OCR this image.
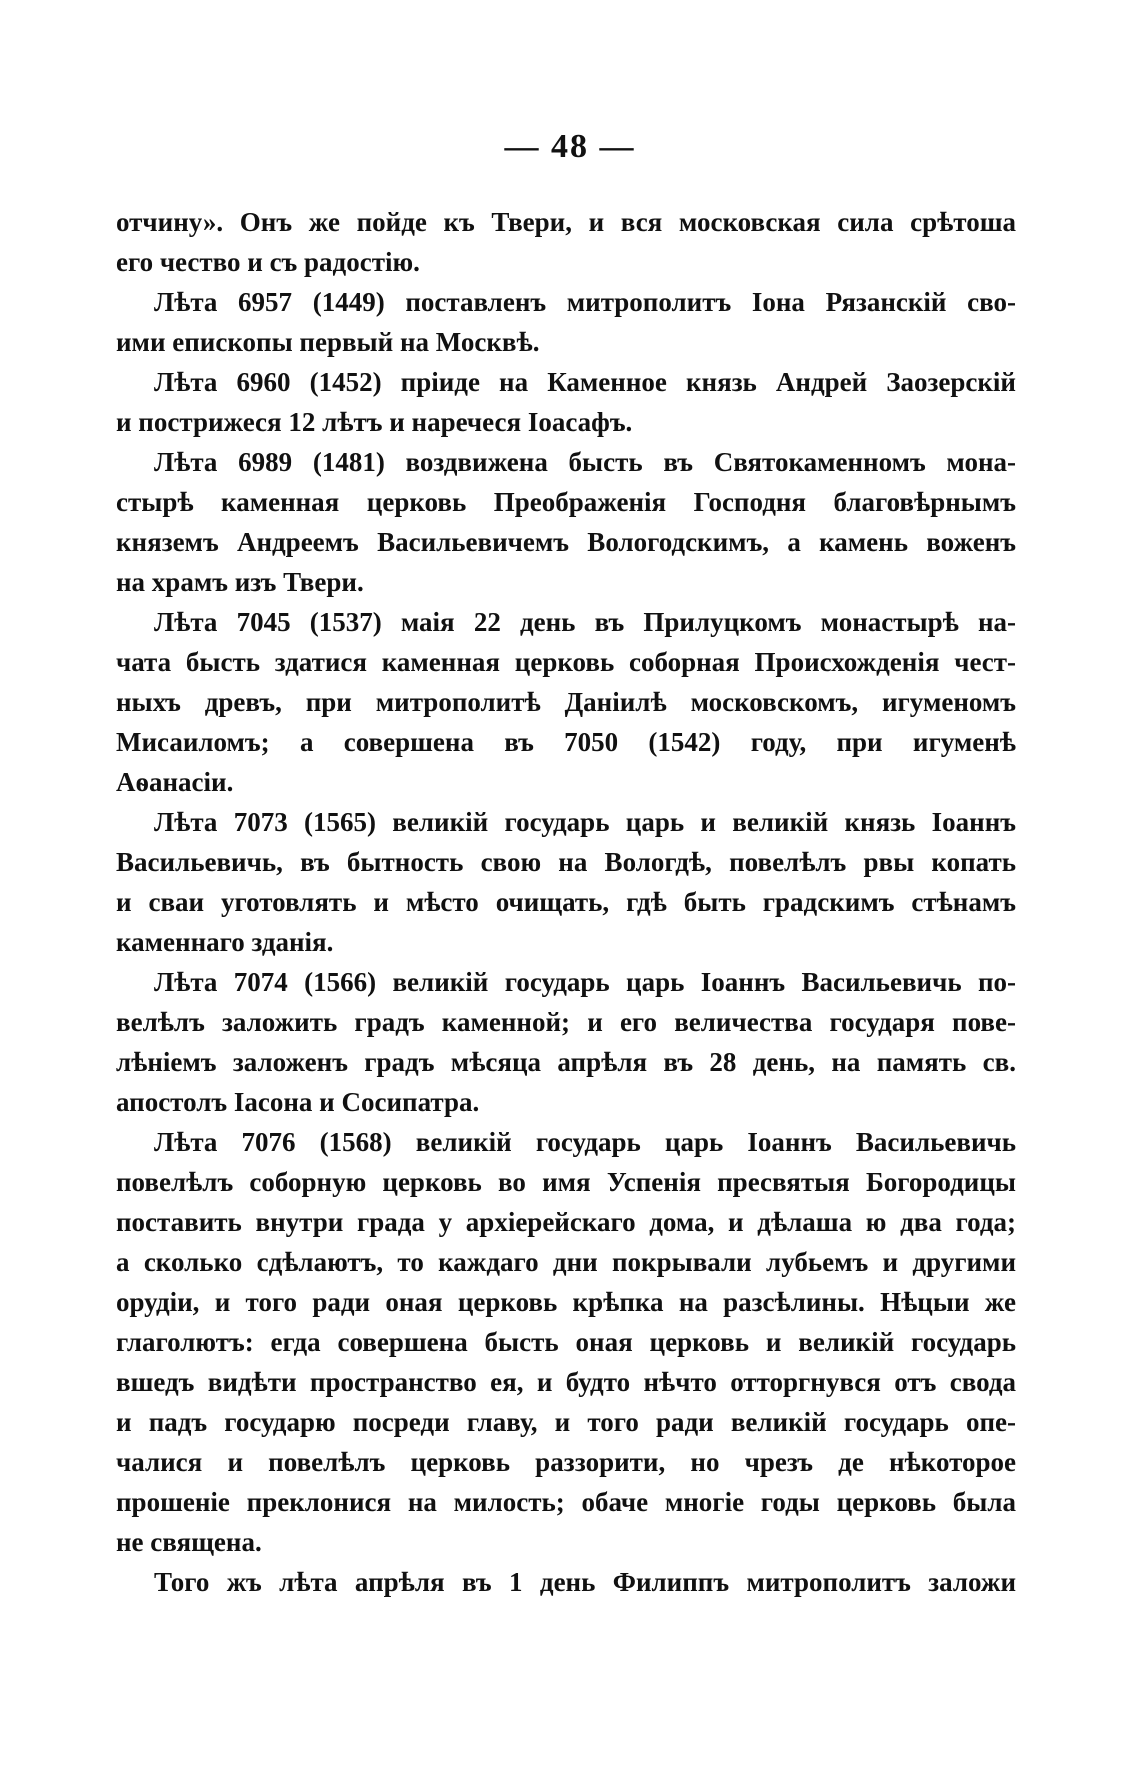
— 48 —
отчину». Онъ же пойде къ Твери, и вся московская сила срѣтоша
его чество и съ радостію.
Лѣта 6957 (1449) поставленъ митрополитъ Іона Рязанскій сво-
ими епископы первый на Москвѣ.
Лѣта 6960 (1452) пріиде на Каменное князь Андрей Заозерскій
и пострижеся 12 лѣтъ и наречеся Іоасафъ.
Лѣта 6989 (1481) воздвижена бысть въ Святокаменномъ мона-
стырѣ каменная церковь Преображенія Господня благовѣрнымъ
княземъ Андреемъ Васильевичемъ Вологодскимъ, а камень воженъ
на храмъ изъ Твери.
Лѣта 7045 (1537) маія 22 день въ Прилуцкомъ монастырѣ на-
чата бысть здатися каменная церковь соборная Происхожденія чест-
ныхъ древъ, при митрополитѣ Даніилѣ московскомъ, игуменомъ
Мисаиломъ; а совершена въ 7050 (1542) году, при игуменѣ
Аѳанасіи.
Лѣта 7073 (1565) великій государь царь и великій князь Іоаннъ
Васильевичь, въ бытность свою на Вологдѣ, повелѣлъ рвы копать
и сваи уготовлять и мѣсто очищать, гдѣ быть градскимъ стѣнамъ
каменнаго зданія.
Лѣта 7074 (1566) великій государь царь Іоаннъ Васильевичь по-
велѣлъ заложить градъ каменной; и его величества государя пове-
лѣніемъ заложенъ градъ мѣсяца апрѣля въ 28 день, на память св.
апостолъ Іасона и Сосипатра.
Лѣта 7076 (1568) великій государь царь Іоаннъ Васильевичь
повелѣлъ соборную церковь во имя Успенія пресвятыя Богородицы
поставить внутри града у архіерейскаго дома, и дѣлаша ю два года;
а сколько сдѣлаютъ, то каждаго дни покрывали лубьемъ и другими
орудіи, и того ради оная церковь крѣпка на разсѣлины. Нѣцыи же
глаголютъ: егда совершена бысть оная церковь и великій государь
вшедъ видѣти пространство ея, и будто нѣчто отторгнувся отъ свода
и падъ государю посреди главу, и того ради великій государь опе-
чалися и повелѣлъ церковь раззорити, но чрезъ де нѣкоторое
прошеніе преклонися на милость; обаче многіе годы церковь была
не священа.
Того жъ лѣта апрѣля въ 1 день Филиппъ митрополитъ заложи
